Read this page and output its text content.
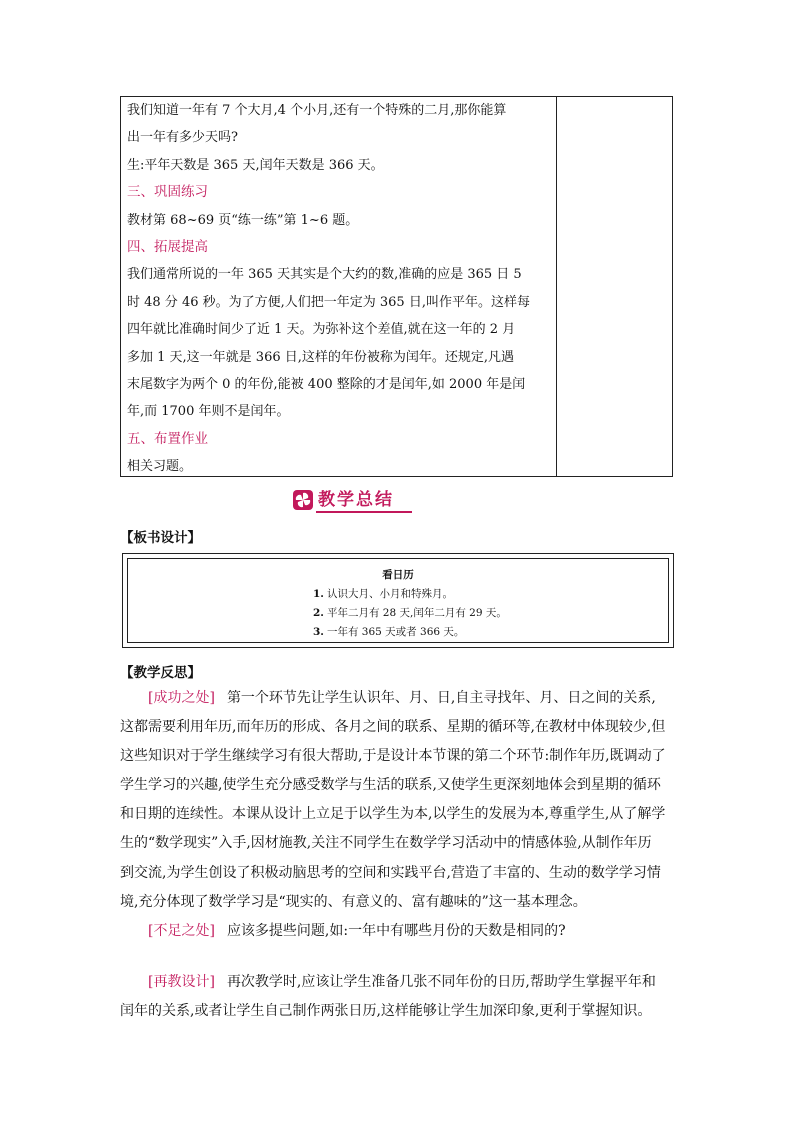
我们知道一年有 7 个大月,4 个小月,还有一个特殊的二月,那你能算
出一年有多少天吗?
生:平年天数是 365 天,闰年天数是 366 天。
三、巩固练习
教材第 68~69 页“练一练”第 1~6 题。
四、拓展提高
我们通常所说的一年 365 天其实是个大约的数,准确的应是 365 日 5
时 48 分 46 秒。为了方便,人们把一年定为 365 日,叫作平年。这样每
四年就比准确时间少了近 1 天。为弥补这个差值,就在这一年的 2 月
多加 1 天,这一年就是 366 日,这样的年份被称为闰年。还规定,凡遇
末尾数字为两个 0 的年份,能被 400 整除的才是闰年,如 2000 年是闰
年,而 1700 年则不是闰年。
五、布置作业
相关习题。
教学总结
【板书设计】
看日历
1. 认识大月、小月和特殊月。
2. 平年二月有 28 天,闰年二月有 29 天。
3. 一年有 365 天或者 366 天。
【教学反思】
[成功之处] 第一个环节先让学生认识年、月、日,自主寻找年、月、日之间的关系,
这都需要利用年历,而年历的形成、各月之间的联系、星期的循环等,在教材中体现较少,但
这些知识对于学生继续学习有很大帮助,于是设计本节课的第二个环节:制作年历,既调动了
学生学习的兴趣,使学生充分感受数学与生活的联系,又使学生更深刻地体会到星期的循环
和日期的连续性。本课从设计上立足于以学生为本,以学生的发展为本,尊重学生,从了解学
生的“数学现实”入手,因材施教,关注不同学生在数学学习活动中的情感体验,从制作年历
到交流,为学生创设了积极动脑思考的空间和实践平台,营造了丰富的、生动的数学学习情
境,充分体现了数学学习是“现实的、有意义的、富有趣味的”这一基本理念。
[不足之处] 应该多提些问题,如:一年中有哪些月份的天数是相同的?
[再教设计] 再次教学时,应该让学生准备几张不同年份的日历,帮助学生掌握平年和
闰年的关系,或者让学生自己制作两张日历,这样能够让学生加深印象,更利于掌握知识。
